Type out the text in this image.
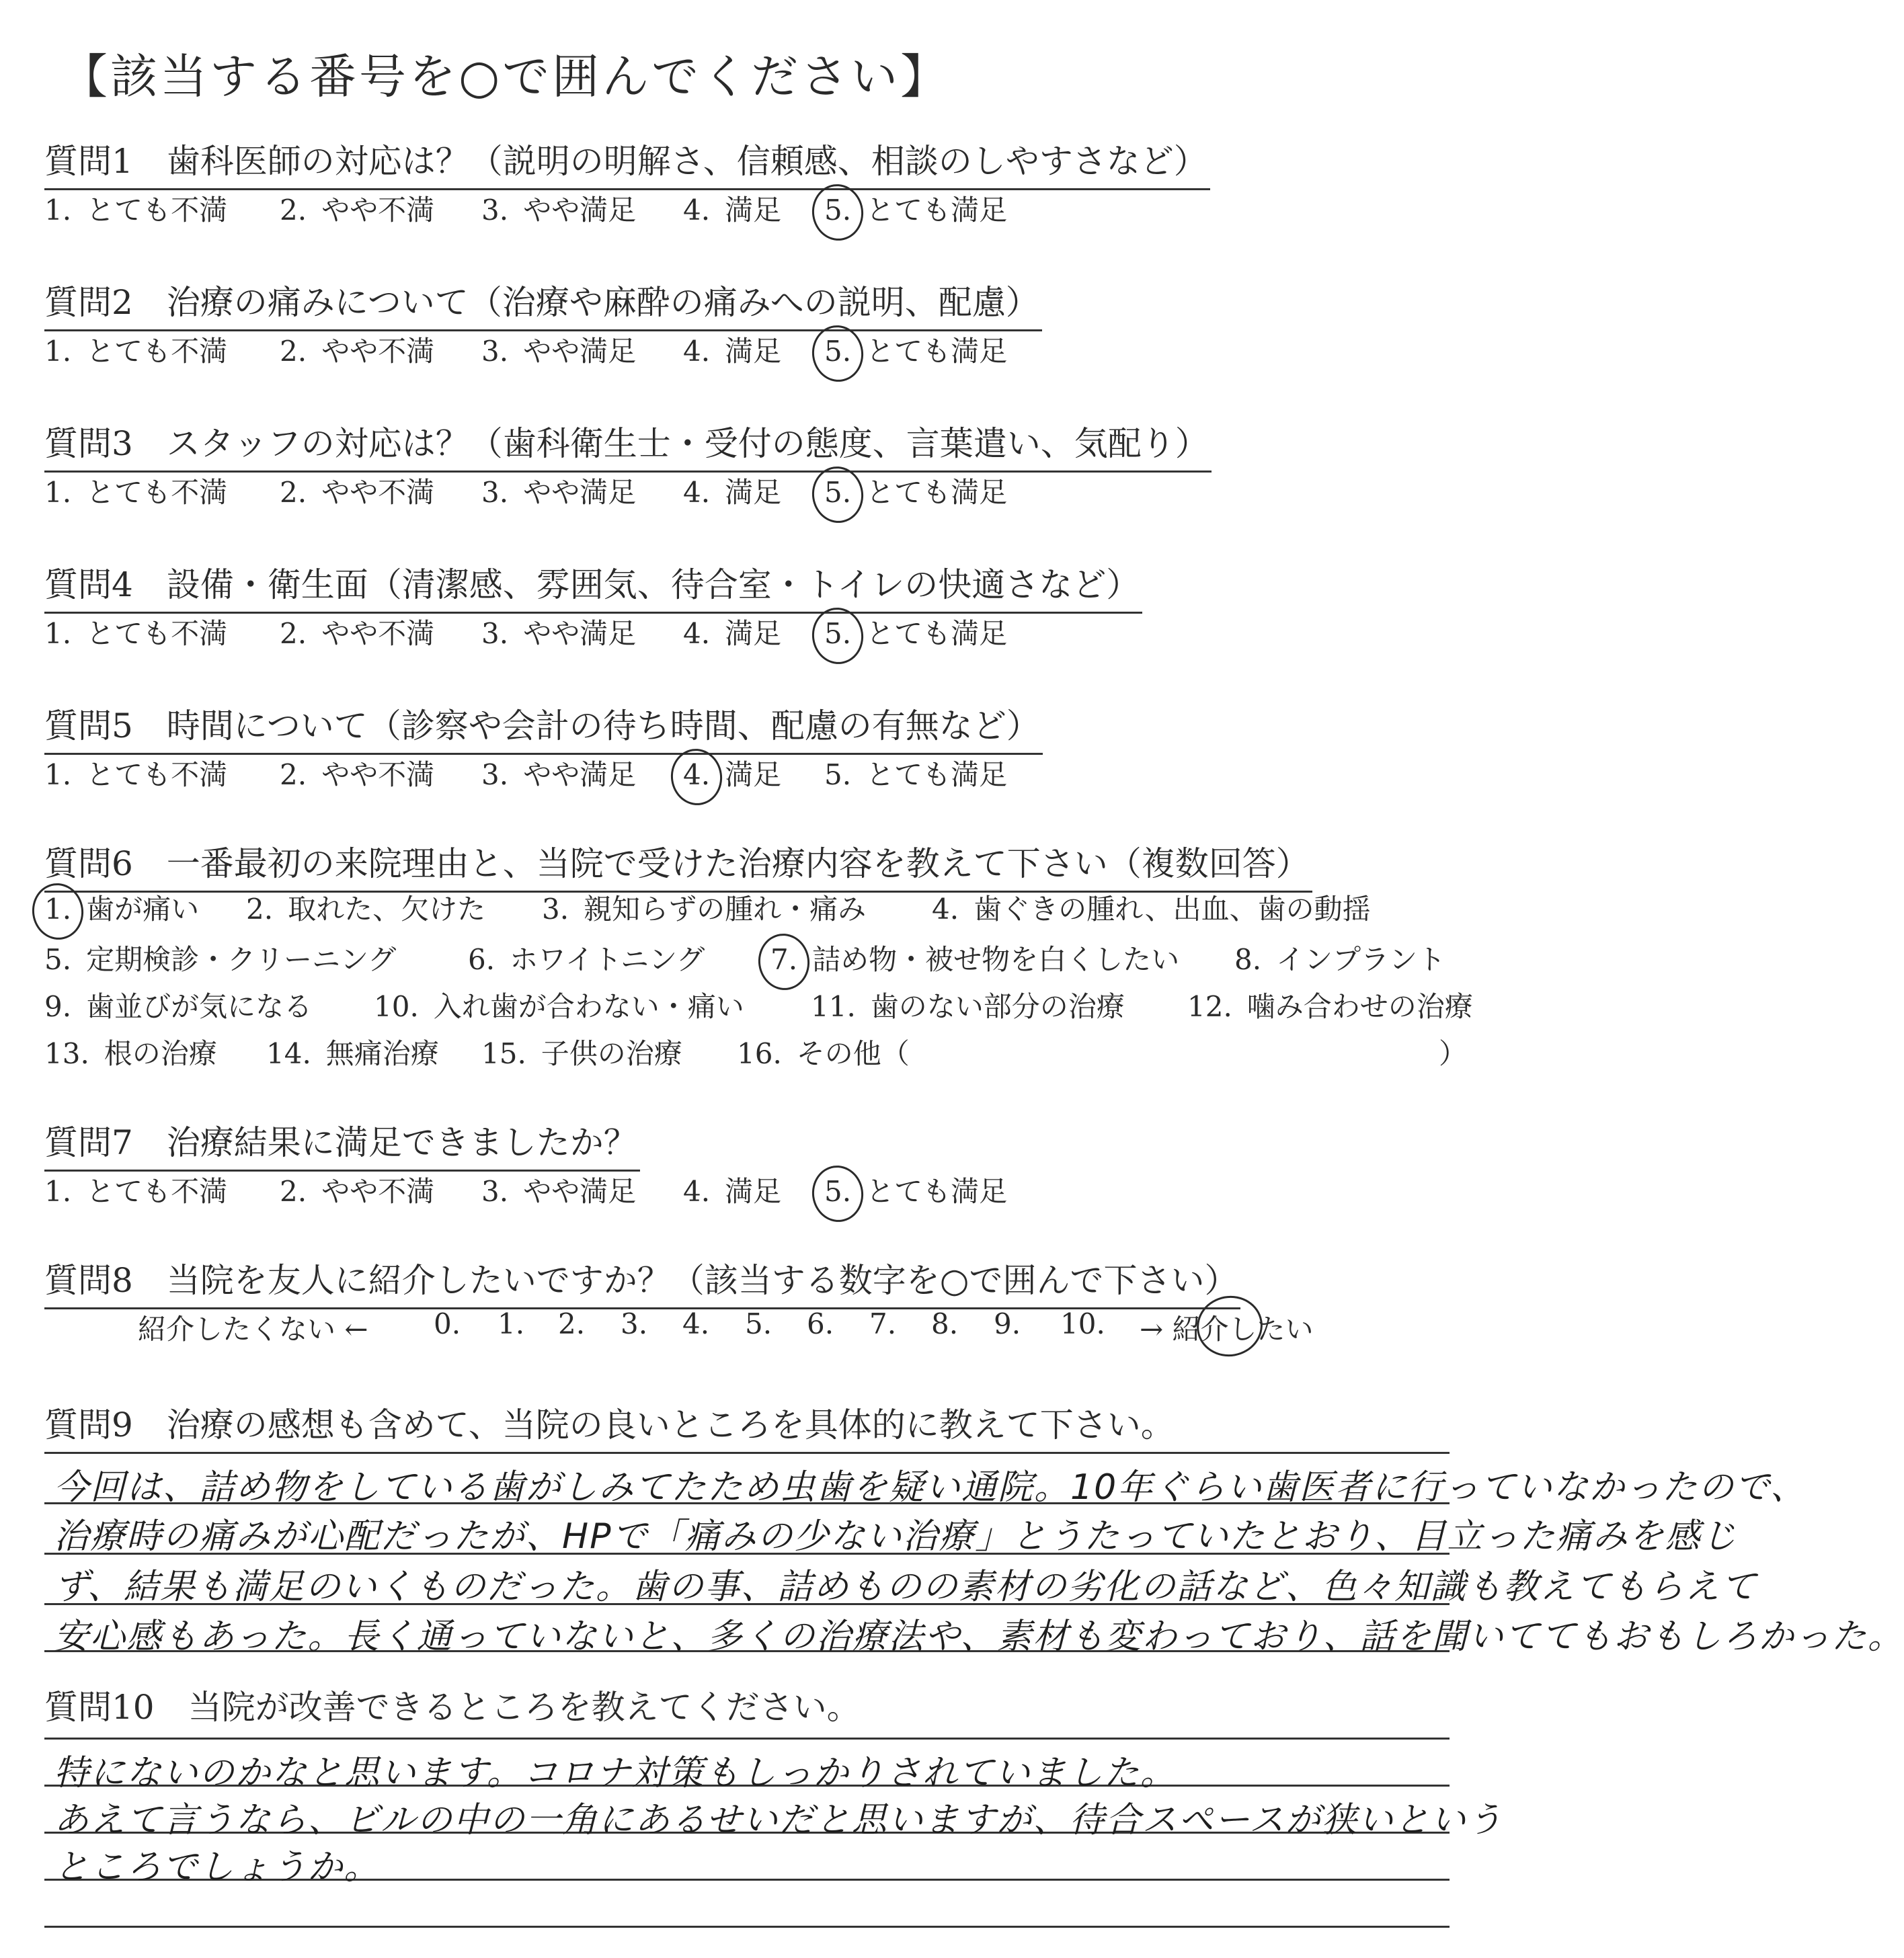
【該当する番号を○で囲んでください】
質問1　歯科医師の対応は？（説明の明解さ、信頼感、相談のしやすさなど）
1. とても不満 2. やや不満 3. やや満足 4. 満足 5. とても満足
質問2　治療の痛みについて（治療や麻酔の痛みへの説明、配慮）
1. とても不満 2. やや不満 3. やや満足 4. 満足 5. とても満足
質問3　スタッフの対応は？（歯科衛生士・受付の態度、言葉遣い、気配り）
1. とても不満 2. やや不満 3. やや満足 4. 満足 5. とても満足
質問4　設備・衛生面（清潔感、雰囲気、待合室・トイレの快適さなど）
1. とても不満 2. やや不満 3. やや満足 4. 満足 5. とても満足
質問5　時間について（診察や会計の待ち時間、配慮の有無など）
1. とても不満 2. やや不満 3. やや満足 4. 満足 5. とても満足
質問6　一番最初の来院理由と、当院で受けた治療内容を教えて下さい（複数回答）
1. 歯が痛い 2. 取れた、欠けた 3. 親知らずの腫れ・痛み 4. 歯ぐきの腫れ、出血、歯の動揺
5. 定期検診・クリーニング	6. ホワイトニング 7. 詰め物・被せ物を白くしたい 8. インプラント
9. 歯並びが気になる 10. 入れ歯が合わない・痛い 11. 歯のない部分の治療 12. 噛み合わせの治療
13. 根の治療 14. 無痛治療 15. 子供の治療 16. その他（	）
質問7　治療結果に満足できましたか？
1. とても不満 2. やや不満 3. やや満足 4. 満足 5. とても満足
質問8　当院を友人に紹介したいですか？（該当する数字を○で囲んで下さい）
紹介したくない ← 0. 1. 2. 3. 4. 5. 6. 7. 8. 9. 10. → 紹介したい
質問9　治療の感想も含めて、当院の良いところを具体的に教えて下さい。
今回は、詰め物をしている歯がしみてたため虫歯を疑い通院。10年ぐらい歯医者に行っていなかったので、
治療時の痛みが心配だったが、HPで「痛みの少ない治療」とうたっていたとおり、目立った痛みを感じ
ず、結果も満足のいくものだった。歯の事、詰めものの素材の劣化の話など、色々知識も教えてもらえて
安心感もあった。長く通っていないと、多くの治療法や、素材も変わっており、話を聞いててもおもしろかった。
質問10　当院が改善できるところを教えてください。
特にないのかなと思います。コロナ対策もしっかりされていました。
あえて言うなら、ビルの中の一角にあるせいだと思いますが、待合スペースが狭いという
ところでしょうか。
